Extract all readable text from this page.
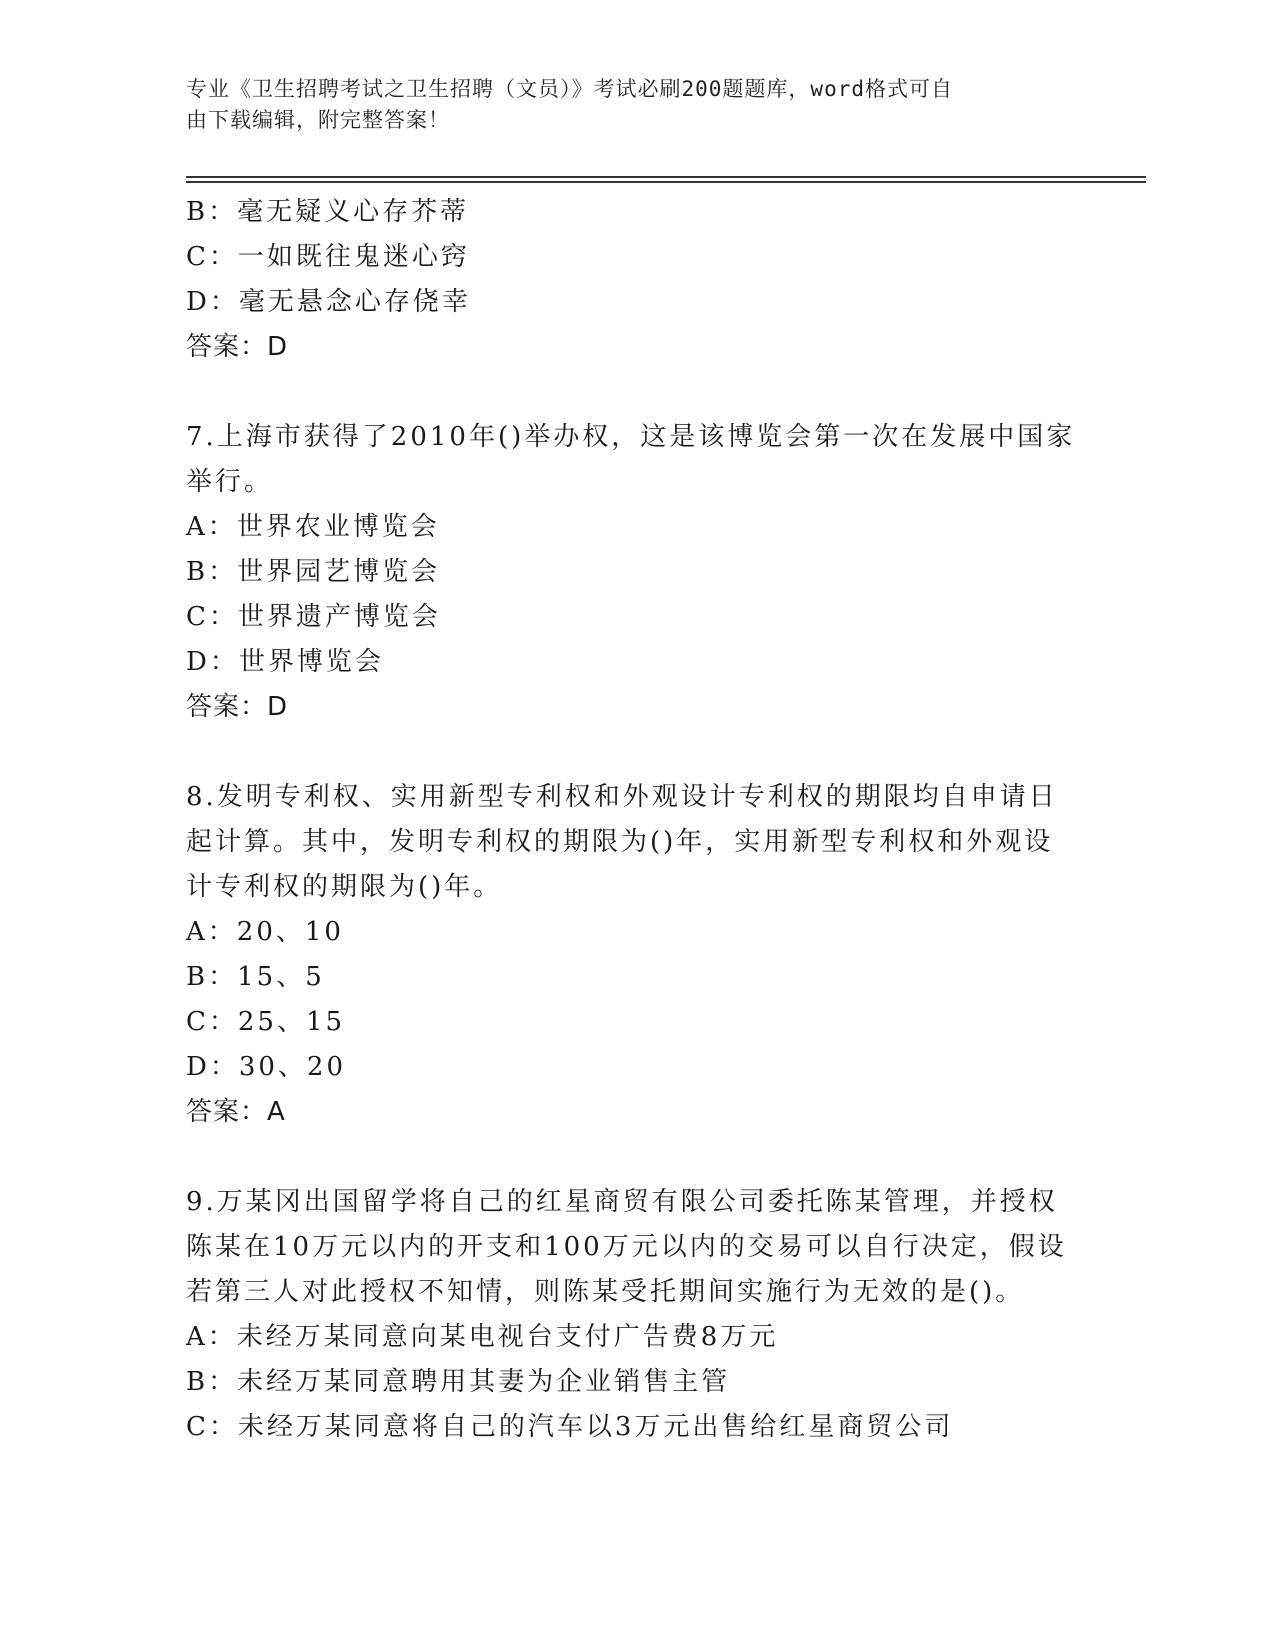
专业《卫生招聘考试之卫生招聘（文员）》考试必刷200题题库，word格式可自
由下载编辑，附完整答案！
B：毫无疑义心存芥蒂
C：一如既往鬼迷心窍
D：毫无悬念心存侥幸
答案：D
7.上海市获得了2010年()举办权，这是该博览会第一次在发展中国家
举行。
A：世界农业博览会
B：世界园艺博览会
C：世界遗产博览会
D：世界博览会
答案：D
8.发明专利权、实用新型专利权和外观设计专利权的期限均自申请日
起计算。其中，发明专利权的期限为()年，实用新型专利权和外观设
计专利权的期限为()年。
A：20、10
B：15、5
C：25、15
D：30、20
答案：A
9.万某冈出国留学将自己的红星商贸有限公司委托陈某管理，并授权
陈某在10万元以内的开支和100万元以内的交易可以自行决定，假设
若第三人对此授权不知情，则陈某受托期间实施行为无效的是()。
A：未经万某同意向某电视台支付广告费8万元
B：未经万某同意聘用其妻为企业销售主管
C：未经万某同意将自己的汽车以3万元出售给红星商贸公司
